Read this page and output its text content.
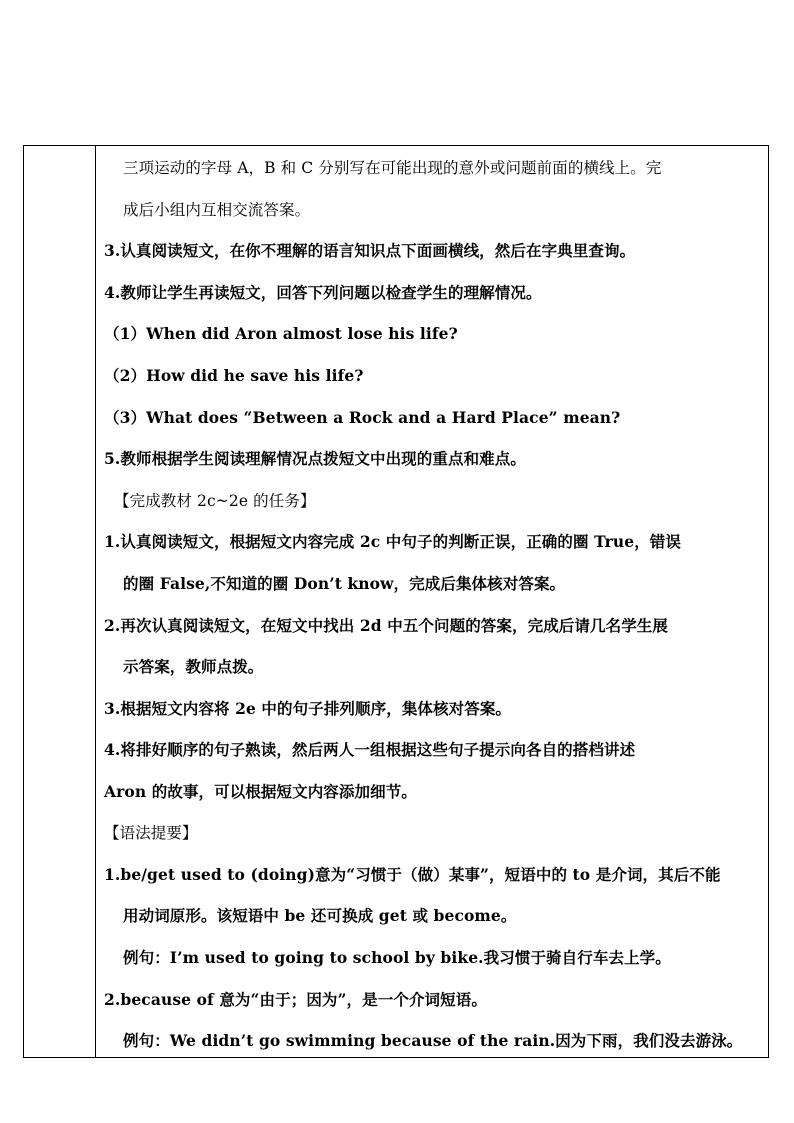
三项运动的字母 A，B 和 C 分别写在可能出现的意外或问题前面的横线上。完
成后小组内互相交流答案。
3.认真阅读短文，在你不理解的语言知识点下面画横线，然后在字典里查询。
4.教师让学生再读短文，回答下列问题以检查学生的理解情况。
（1）When did Aron almost lose his life?
（2）How did he save his life?
（3）What does “Between a Rock and a Hard Place” mean?
5.教师根据学生阅读理解情况点拨短文中出现的重点和难点。
【完成教材 2c~2e 的任务】
1.认真阅读短文，根据短文内容完成 2c 中句子的判断正误，正确的圈 True，错误
的圈 False,不知道的圈 Don’t know，完成后集体核对答案。
2.再次认真阅读短文，在短文中找出 2d 中五个问题的答案，完成后请几名学生展
示答案，教师点拨。
3.根据短文内容将 2e 中的句子排列顺序，集体核对答案。
4.将排好顺序的句子熟读，然后两人一组根据这些句子提示向各自的搭档讲述
Aron 的故事，可以根据短文内容添加细节。
【语法提要】
1.be/get used to (doing)意为“习惯于（做）某事”，短语中的 to 是介词，其后不能
用动词原形。该短语中 be 还可换成 get 或 become。
例句：I’m used to going to school by bike.我习惯于骑自行车去上学。
2.because of 意为“由于；因为”，是一个介词短语。
例句：We didn’t go swimming because of the rain.因为下雨，我们没去游泳。
